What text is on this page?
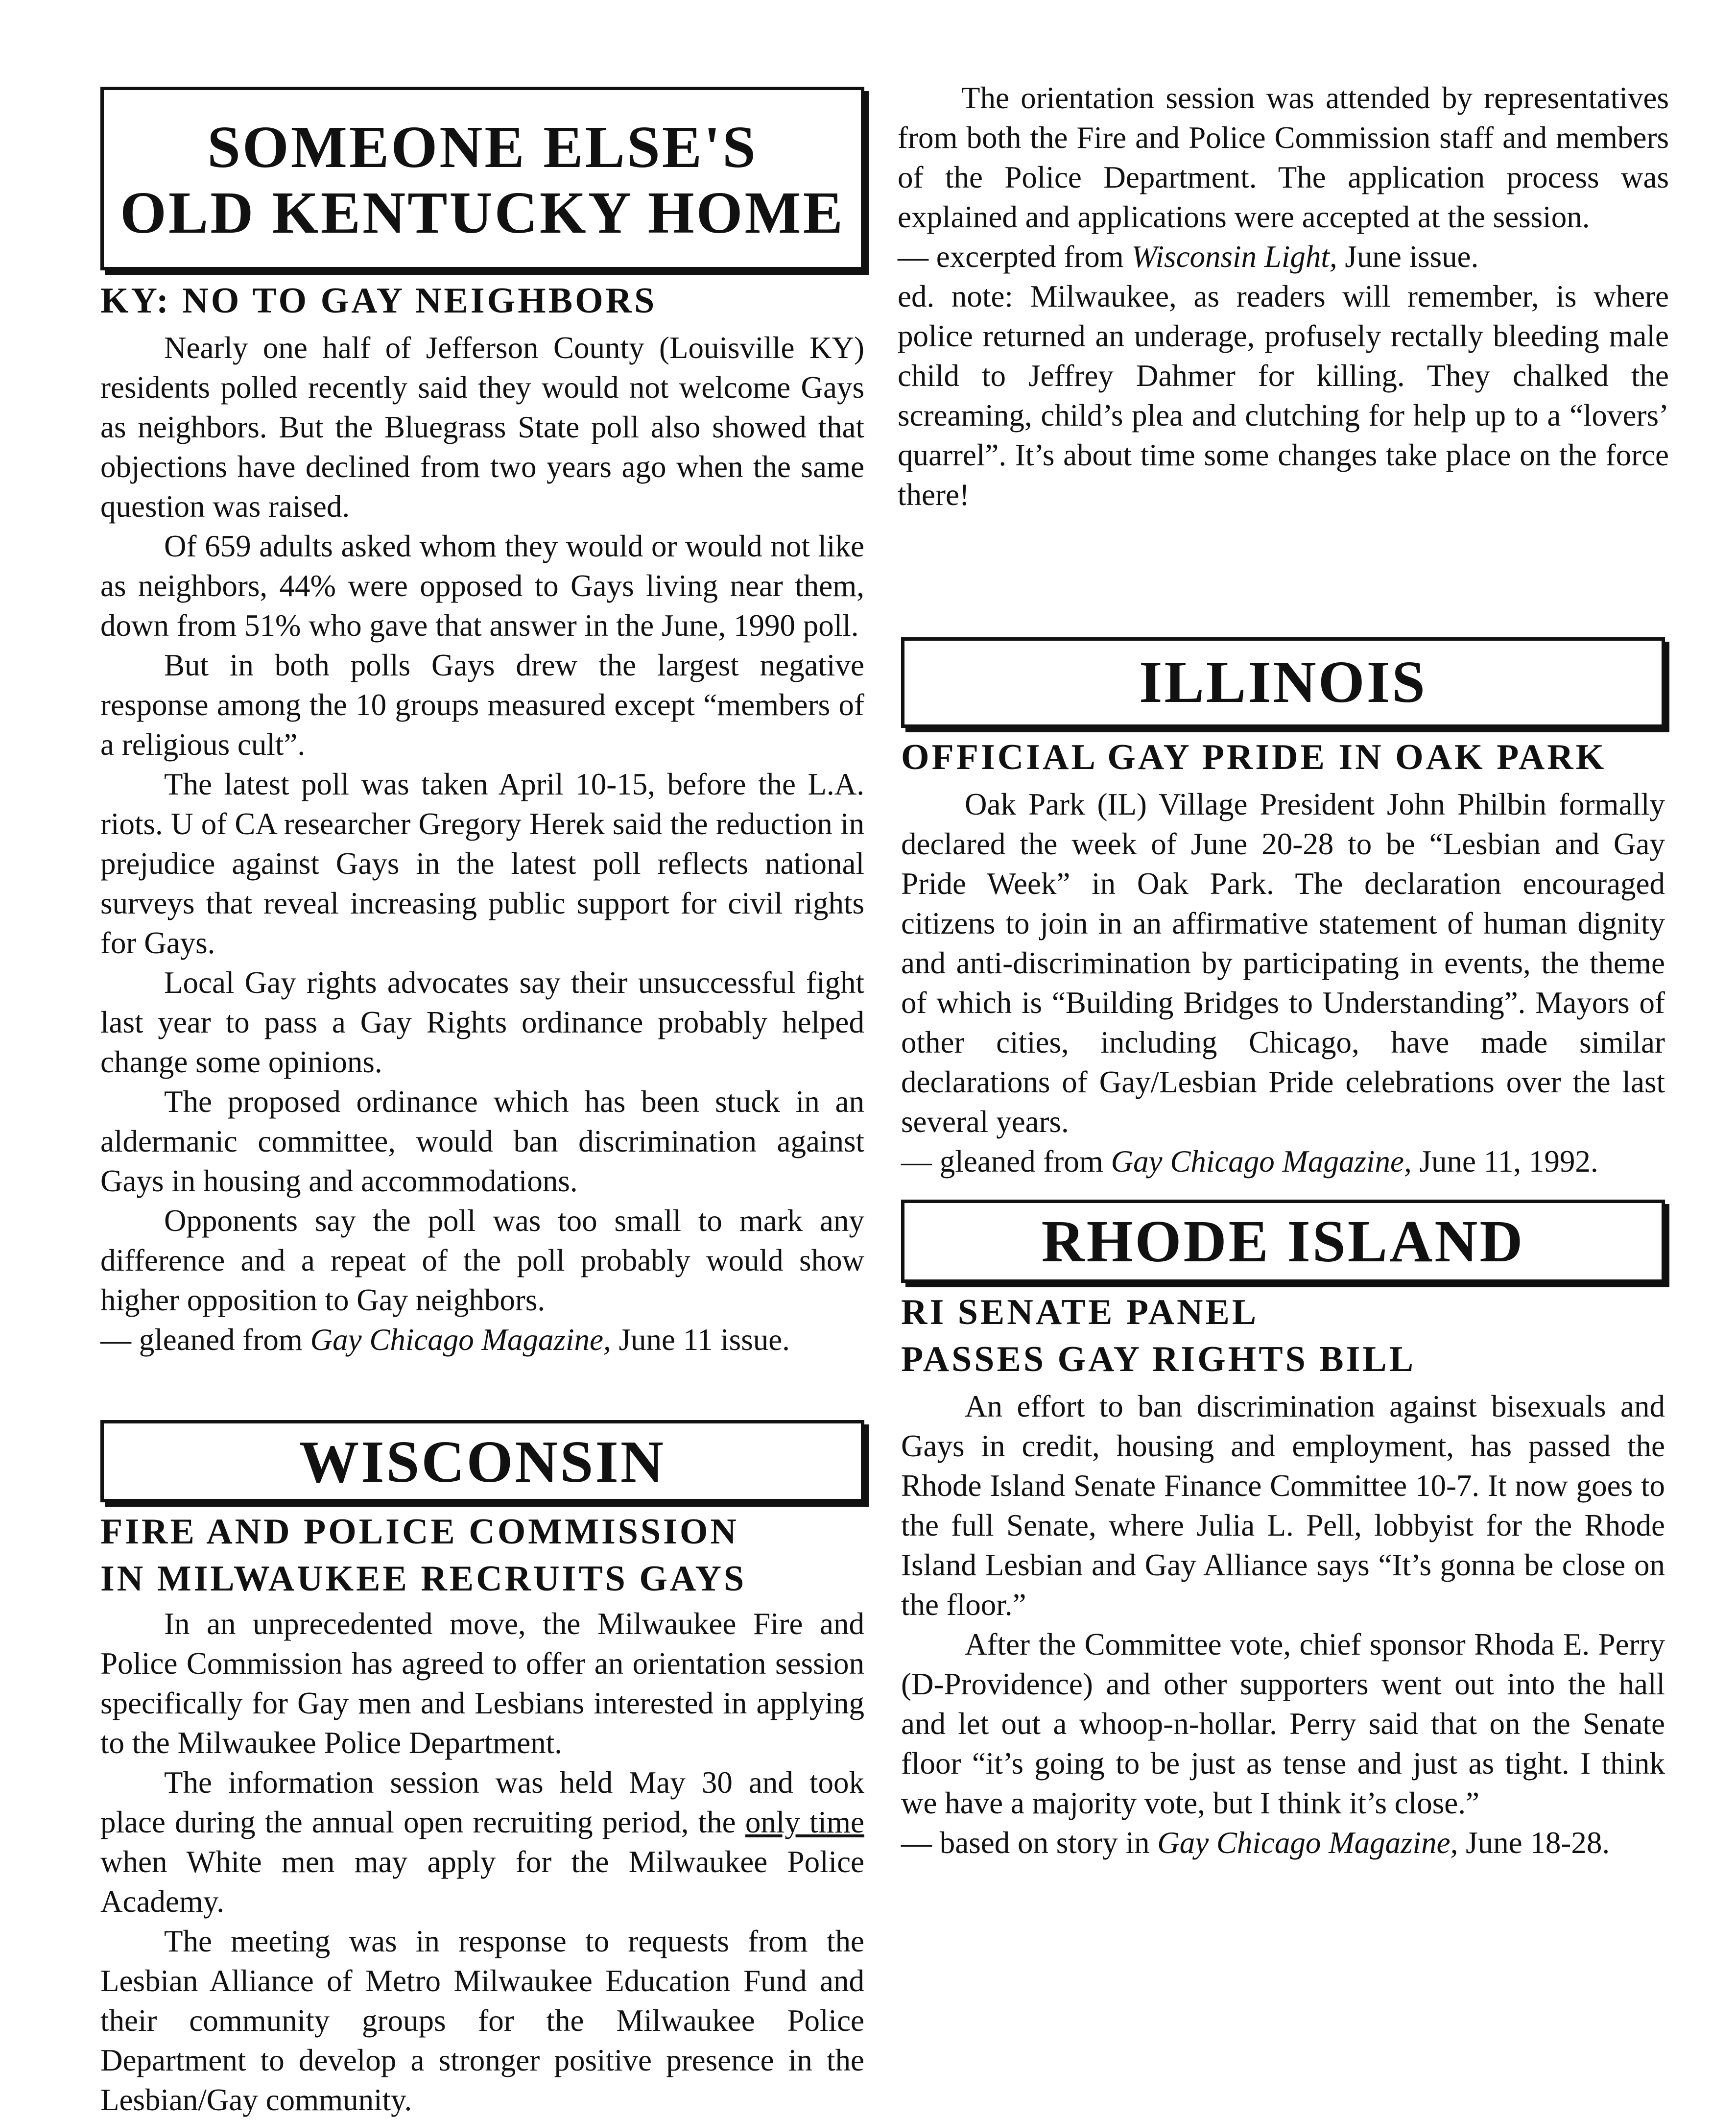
SOMEONE ELSE'S
OLD KENTUCKY HOME
KY: NO TO GAY NEIGHBORS

Nearly one half of Jefferson County (Louisville KY) residents polled recently said they would not welcome Gays as neighbors. But the Bluegrass State poll also showed that objections have declined from two years ago when the same question was raised.

Of 659 adults asked whom they would or would not like as neighbors, 44% were opposed to Gays living near them, down from 51% who gave that answer in the June, 1990 poll.

But in both polls Gays drew the largest negative response among the 10 groups measured except “members of a religious cult”.

The latest poll was taken April 10-15, before the L.A. riots. U of CA researcher Gregory Herek said the reduction in prejudice against Gays in the latest poll reflects national surveys that reveal increasing public support for civil rights for Gays.

Local Gay rights advocates say their unsuccessful fight last year to pass a Gay Rights ordinance probably helped change some opinions.

The proposed ordinance which has been stuck in an aldermanic committee, would ban discrimination against Gays in housing and accommodations.

Opponents say the poll was too small to mark any difference and a repeat of the poll probably would show higher opposition to Gay neighbors.

— gleaned from Gay Chicago Magazine, June 11 issue.

WISCONSIN
FIRE AND POLICE COMMISSION
IN MILWAUKEE RECRUITS GAYS

In an unprecedented move, the Milwaukee Fire and Police Commission has agreed to offer an orientation session specifically for Gay men and Lesbians interested in applying to the Milwaukee Police Department.

The information session was held May 30 and took place during the annual open recruiting period, the only time when White men may apply for the Milwaukee Police Academy.

The meeting was in response to requests from the Lesbian Alliance of Metro Milwaukee Education Fund and their community groups for the Milwaukee Police Department to develop a stronger positive presence in the Lesbian/Gay community.

The orientation session was attended by representatives from both the Fire and Police Commission staff and members of the Police Department. The application process was explained and applications were accepted at the session.

— excerpted from Wisconsin Light, June issue.

ed. note: Milwaukee, as readers will remember, is where police returned an underage, profusely rectally bleeding male child to Jeffrey Dahmer for killing. They chalked the screaming, child’s plea and clutching for help up to a “lovers’ quarrel”. It’s about time some changes take place on the force there!

ILLINOIS
OFFICIAL GAY PRIDE IN OAK PARK

Oak Park (IL) Village President John Philbin formally declared the week of June 20-28 to be “Lesbian and Gay Pride Week” in Oak Park. The declaration encouraged citizens to join in an affirmative statement of human dignity and anti-discrimination by participating in events, the theme of which is “Building Bridges to Understanding”. Mayors of other cities, including Chicago, have made similar declarations of Gay/Lesbian Pride celebrations over the last several years.

— gleaned from Gay Chicago Magazine, June 11, 1992.

RHODE ISLAND
RI SENATE PANEL
PASSES GAY RIGHTS BILL

An effort to ban discrimination against bisexuals and Gays in credit, housing and employment, has passed the Rhode Island Senate Finance Committee 10-7. It now goes to the full Senate, where Julia L. Pell, lobbyist for the Rhode Island Lesbian and Gay Alliance says “It’s gonna be close on the floor.”

After the Committee vote, chief sponsor Rhoda E. Perry (D-Providence) and other supporters went out into the hall and let out a whoop-n-hollar. Perry said that on the Senate floor “it’s going to be just as tense and just as tight. I think we have a majority vote, but I think it’s close.”

— based on story in Gay Chicago Magazine, June 18-28.
